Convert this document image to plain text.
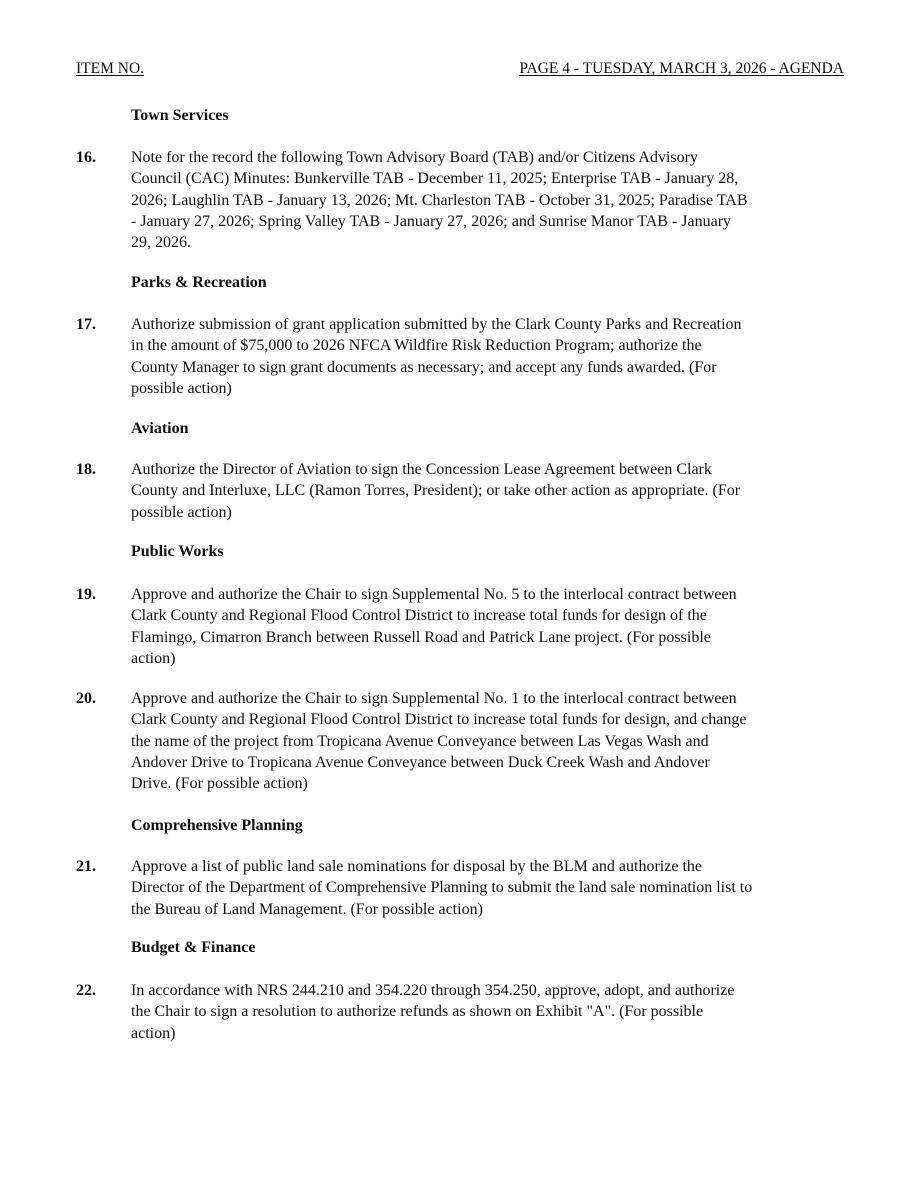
ITEM NO.	PAGE 4 - TUESDAY, MARCH 3, 2026 - AGENDA
Town Services
16. Note for the record the following Town Advisory Board (TAB) and/or Citizens Advisory
Council (CAC) Minutes: Bunkerville TAB - December 11, 2025; Enterprise TAB - January 28,
2026; Laughlin TAB - January 13, 2026; Mt. Charleston TAB - October 31, 2025; Paradise TAB
- January 27, 2026; Spring Valley TAB - January 27, 2026; and Sunrise Manor TAB - January
29, 2026.
Parks & Recreation
17. Authorize submission of grant application submitted by the Clark County Parks and Recreation
in the amount of $75,000 to 2026 NFCA Wildfire Risk Reduction Program; authorize the
County Manager to sign grant documents as necessary; and accept any funds awarded. (For
possible action)
Aviation
18. Authorize the Director of Aviation to sign the Concession Lease Agreement between Clark
County and Interluxe, LLC (Ramon Torres, President); or take other action as appropriate. (For
possible action)
Public Works
19. Approve and authorize the Chair to sign Supplemental No. 5 to the interlocal contract between
Clark County and Regional Flood Control District to increase total funds for design of the
Flamingo, Cimarron Branch between Russell Road and Patrick Lane project. (For possible
action)
20. Approve and authorize the Chair to sign Supplemental No. 1 to the interlocal contract between
Clark County and Regional Flood Control District to increase total funds for design, and change
the name of the project from Tropicana Avenue Conveyance between Las Vegas Wash and
Andover Drive to Tropicana Avenue Conveyance between Duck Creek Wash and Andover
Drive. (For possible action)
Comprehensive Planning
21. Approve a list of public land sale nominations for disposal by the BLM and authorize the
Director of the Department of Comprehensive Planning to submit the land sale nomination list to
the Bureau of Land Management. (For possible action)
Budget & Finance
22. In accordance with NRS 244.210 and 354.220 through 354.250, approve, adopt, and authorize
the Chair to sign a resolution to authorize refunds as shown on Exhibit "A". (For possible
action)
